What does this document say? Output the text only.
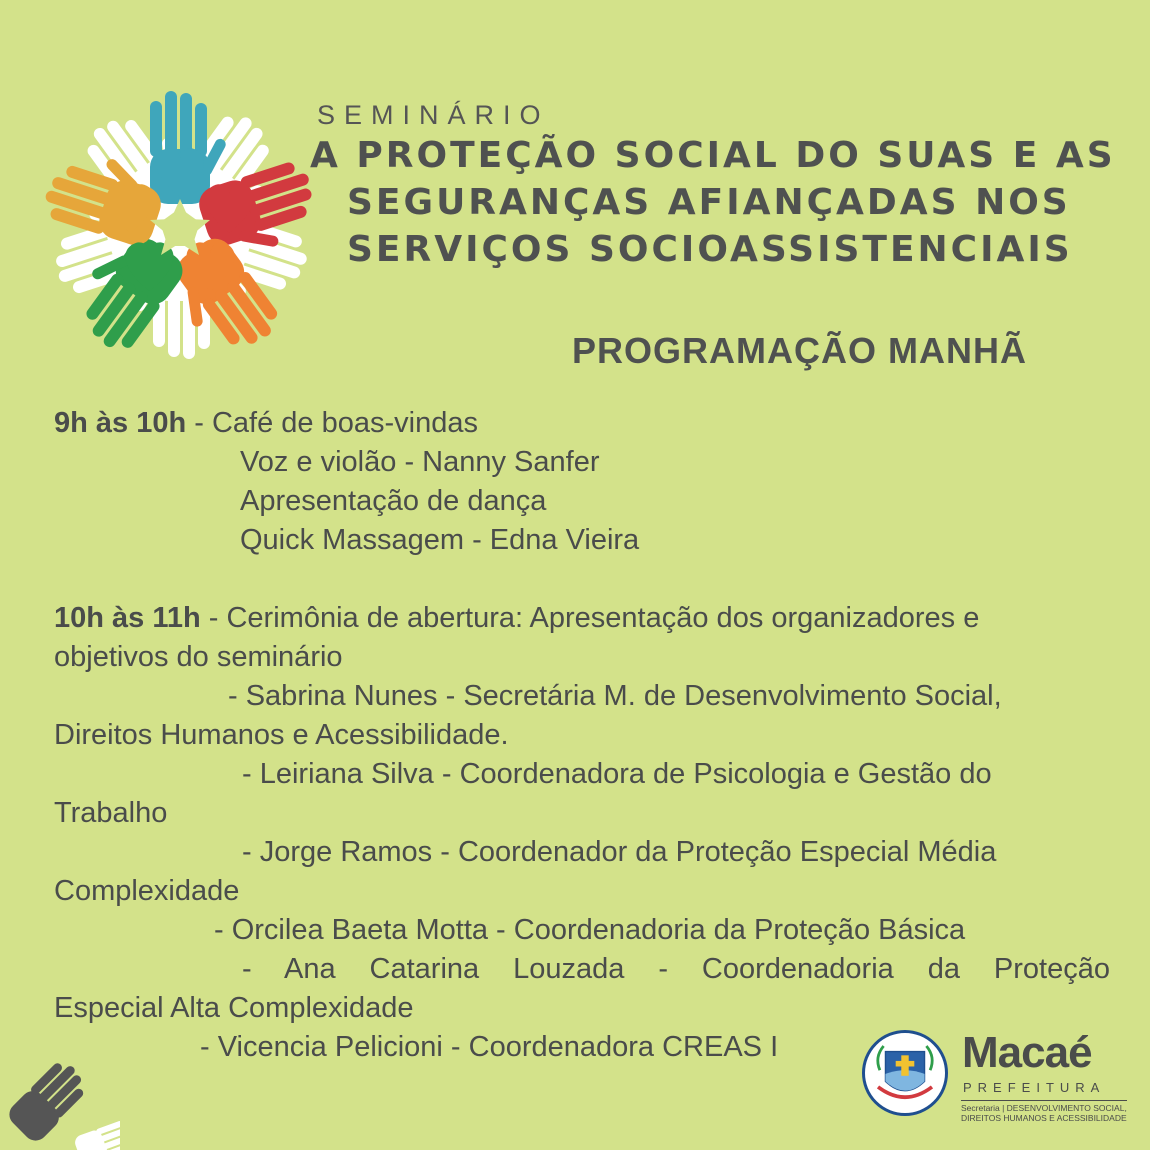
SEMINÁRIO
A PROTEÇÃO SOCIAL DO SUAS E AS
SEGURANÇAS AFIANÇADAS NOS
SERVIÇOS SOCIOASSISTENCIAIS
PROGRAMAÇÃO MANHÃ
9h às 10h - Café de boas-vindas
Voz e violão - Nanny Sanfer
Apresentação de dança
Quick Massagem - Edna Vieira
10h às 11h - Cerimônia de abertura: Apresentação dos organizadores e
objetivos do seminário
- Sabrina Nunes - Secretária M. de Desenvolvimento Social,
Direitos Humanos e Acessibilidade.
- Leiriana Silva - Coordenadora de Psicologia e Gestão do
Trabalho
- Jorge Ramos - Coordenador da Proteção Especial Média
Complexidade
- Orcilea Baeta Motta - Coordenadoria da Proteção Básica
- Ana Catarina Louzada - Coordenadoria da Proteção
Especial Alta Complexidade
- Vicencia Pelicioni - Coordenadora CREAS I	Macaé
PREFEITURA
Secretaria | DESENVOLVIMENTO SOCIAL,
DIREITOS HUMANOS E ACESSIBILIDADE
